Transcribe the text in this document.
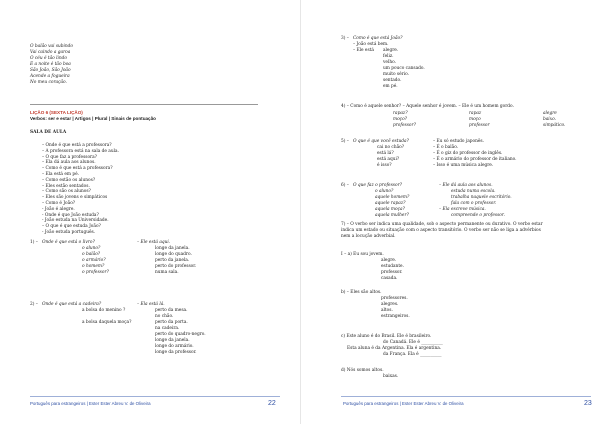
O balão vai subindo
Vai caindo a garoa
O céu é tão lindo
E a noite é tão boa
São João, São João
Acende a fogueira
No meu coração.
LIÇÃO 6 (SEXTA LIÇÃO)
Verbos: ser e estar | Artigos | Plural | Sinais de pontuação
SALA DE AULA
– Onde é que está a professora?
– A professora está na sala de aula.
– O que faz a professora?
– Ela dá aula aos alunos.
– Como é que está a professora?
– Ela está em pé.
– Como estão os alunos?
– Eles estão sentados.
– Como são os alunos?
– Eles são jovens e simpáticos
– Como é João?
- João é alegre.
- Onde é que João estuda?
- João estuda na Universidade.
– O que é que estuda João?
- João estuda português.
1) – Onde é que está o livro?
o aluno?
o balão?
o armário?
o homem?
o professor?
– Ele está aqui.
longe da janela.
longe do quadro.
perto da janela.
perto do professor.
numa sala.
2) – Onde é que está a cadeira?
a bolsa do menino ?
a bolsa daquela moça?
– Ela está lá.
perto da mesa.
no chão.
perto da porta.
na cadeira.
perto do quadro-negro.
longe da janela.
longe do armário.
longe da professor.
Português para estrangeiros | Ester Ester Abreu V. de Oliveira	22
3) – Como é que está João?
– João está bem.
– Ele está alegre.
feliz.
velho.
um pouco cansado.
muito sério.
sentado.
em pé.
4) – Como é aquele senhor? – Aquele senhor é jovem. – Ele é um homem gordo.
rapaz?
moço?
professor?
rapaz
moço
professor
alegre
baixo.
simpático.
5) – O que é que você estuda?
cai no chão?
está lá?
está aqui?
é isso?
– Eu só estudo japonês.
– É o balão.
– É o giz do professor de inglês.
– É o armário do professor de italiano.
– Isso é uma música alegre.
6) – O que faz o professor?
o aluno?
aquele homem?
aquele rapaz?
aquela moça?
aquela mulher?
– Ele dá aula aos alunos.
estuda numa escola.
trabalha naquele escritório.
fala com o professor.
– Ela escreve música.
compreende o professor.
7) – O verbo ser indica uma qualidade, sob o aspecto permanente ou durativo. O verbo estar
indica um estado ou situação com o aspecto transitório. O verbo ser não se liga a advérbios
nem a locução adverbial.
I – a) Eu sou jovem.
alegre.
estudante.
professor.
casada.
b) – Eles são altos.
professores.
alegres.
altos.
estrangeiros.
c) Este aluno é do Brasil. Ele é brasileiro.
do Canadá. Ele é __________
Esta aluna é da Argentina. Ela é argentina.
da França. Ela é __________
d) Nós somos altos.
baixas.
Português para estrangeiros | Ester Ester Abreu V. de Oliveira	23
